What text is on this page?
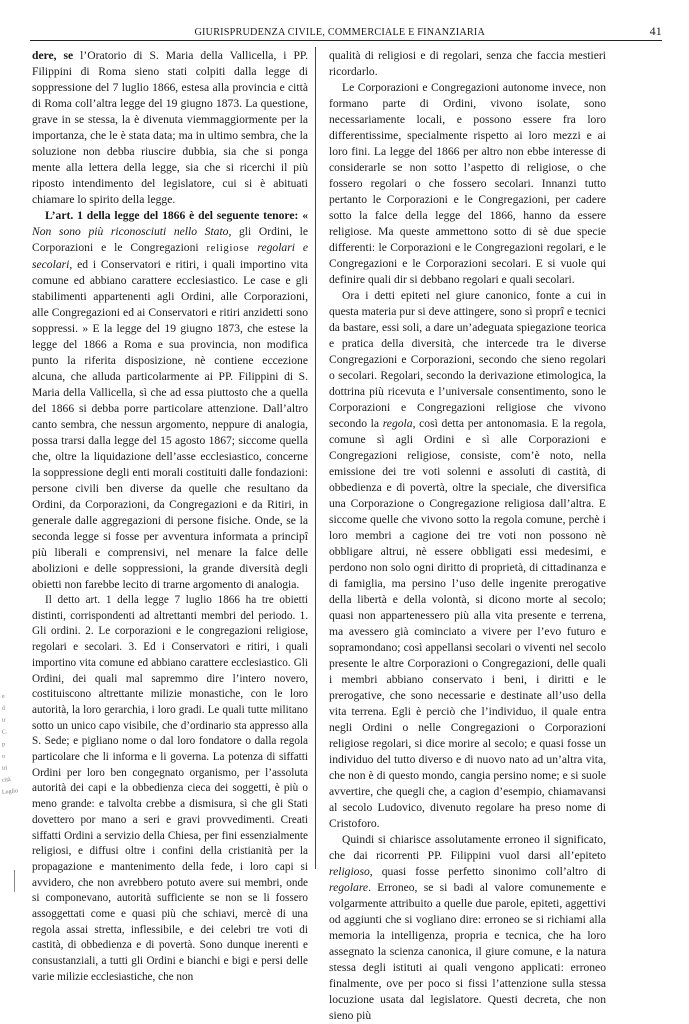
GIURISPRUDENZA CIVILE, COMMERCIALE E FINANZIARIA	41

dere, se l’Oratorio di S. Maria della Vallicella, i PP. Filippini di Roma sieno stati colpiti dalla legge di soppressione del 7 luglio 1866, estesa alla provincia e città di Roma coll’altra legge del 19 giugno 1873. La questione, grave in se stessa, la è divenuta viemmaggiormente per la importanza, che le è stata data; ma in ultimo sembra, che la soluzione non debba riuscire dubbia, sia che si ponga mente alla lettera della legge, sia che si ricerchi il più riposto intendimento del legislatore, cui si è abituati chiamare lo spirito della legge.

L’art. 1 della legge del 1866 è del seguente tenore: « Non sono più riconosciuti nello Stato, gli Ordini, le Corporazioni e le Congregazioni religiose regolari e secolari, ed i Conservatori e ritiri, i quali importino vita comune ed abbiano carattere ecclesiastico. Le case e gli stabilimenti appartenenti agli Ordini, alle Corporazioni, alle Congregazioni ed ai Conservatori e ritiri anzidetti sono soppressi. » E la legge del 19 giugno 1873, che estese la legge del 1866 a Roma e sua provincia, non modifica punto la riferita disposizione, nè contiene eccezione alcuna, che alluda particolarmente ai PP. Filippini di S. Maria della Vallicella, sì che ad essa piuttosto che a quella del 1866 si debba porre particolare attenzione. Dall’altro canto sembra, che nessun argomento, neppure di analogia, possa trarsi dalla legge del 15 agosto 1867; siccome quella che, oltre la liquidazione dell’asse ecclesiastico, concerne la soppressione degli enti morali costituiti dalle fondazioni: persone civili ben diverse da quelle che resultano da Ordini, da Corporazioni, da Congregazioni e da Ritiri, in generale dalle aggregazioni di persone fisiche. Onde, se la seconda legge si fosse per avventura informata a principî più liberali e comprensivi, nel menare la falce delle abolizioni e delle soppressioni, la grande diversità degli obietti non farebbe lecito di trarne argomento di analogia.

Il detto art. 1 della legge 7 luglio 1866 ha tre obietti distinti, corrispondenti ad altrettanti membri del periodo. 1. Gli ordini. 2. Le corporazioni e le congregazioni religiose, regolari e secolari. 3. Ed i Conservatori e ritiri, i quali importino vita comune ed abbiano carattere ecclesiastico. Gli Ordini, dei quali mal sapremmo dire l’intero novero, costituiscono altrettante milizie monastiche, con le loro autorità, la loro gerarchia, i loro gradi. Le quali tutte militano sotto un unico capo visibile, che d’ordinario sta appresso alla S. Sede; e pigliano nome o dal loro fondatore o dalla regola particolare che li informa e li governa. La potenza di siffatti Ordini per loro ben congegnato organismo, per l’assoluta autorità dei capi e la obbedienza cieca dei soggetti, è più o meno grande: e talvolta crebbe a dismisura, sì che gli Stati dovettero por mano a seri e gravi provvedimenti. Creati siffatti Ordini a servizio della Chiesa, per fini essenzialmente religiosi, e diffusi oltre i confini della cristianità per la propagazione e mantenimento della fede, i loro capi si avvidero, che non avrebbero potuto avere sui membri, onde si componevano, autorità sufficiente se non se li fossero assoggettati come e quasi più che schiavi, mercè di una regola assai stretta, inflessibile, e dei celebri tre voti di castità, di obbedienza e di povertà. Sono dunque inerenti e consustanziali, a tutti gli Ordini e bianchi e bigi e persi delle varie milizie ecclesiastiche, che non

qualità di religiosi e di regolari, senza che faccia mestieri ricordarlo.

Le Corporazioni e Congregazioni autonome invece, non formano parte di Ordini, vivono isolate, sono necessariamente locali, e possono essere fra loro differentissime, specialmente rispetto ai loro mezzi e ai loro fini. La legge del 1866 per altro non ebbe interesse di considerarle se non sotto l’aspetto di religiose, o che fossero regolari o che fossero secolari. Innanzi tutto pertanto le Corporazioni e le Congregazioni, per cadere sotto la falce della legge del 1866, hanno da essere religiose. Ma queste ammettono sotto di sè due specie differenti: le Corporazioni e le Congregazioni regolari, e le Congregazioni e le Corporazioni secolari. E si vuole qui definire quali dir si debbano regolari e quali secolari.

Ora i detti epiteti nel giure canonico, fonte a cui in questa materia pur si deve attingere, sono sì proprî e tecnici da bastare, essi soli, a dare un’adeguata spiegazione teorica e pratica della diversità, che intercede tra le diverse Congregazioni e Corporazioni, secondo che sieno regolari o secolari. Regolari, secondo la derivazione etimologica, la dottrina più ricevuta e l’universale consentimento, sono le Corporazioni e Congregazioni religiose che vivono secondo la regola, così detta per antonomasia. E la regola, comune sì agli Ordini e sì alle Corporazioni e Congregazioni religiose, consiste, com’è noto, nella emissione dei tre voti solenni e assoluti di castità, di obbedienza e di povertà, oltre la speciale, che diversifica una Corporazione o Congregazione religiosa dall’altra. E siccome quelle che vivono sotto la regola comune, perchè i loro membri a cagione dei tre voti non possono nè obbligare altrui, nè essere obbligati essi medesimi, e perdono non solo ogni diritto di proprietà, di cittadinanza e di famiglia, ma persino l’uso delle ingenite prerogative della libertà e della volontà, si dicono morte al secolo; quasi non appartenessero più alla vita presente e terrena, ma avessero già cominciato a vivere per l’evo futuro e sopramondano; così appellansi secolari o viventi nel secolo presente le altre Corporazioni o Congregazioni, delle quali i membri abbiano conservato i beni, i diritti e le prerogative, che sono necessarie e destinate all’uso della vita terrena. Egli è perciò che l’individuo, il quale entra negli Ordini o nelle Congregazioni o Corporazioni religiose regolari, si dice morire al secolo; e quasi fosse un individuo del tutto diverso e di nuovo nato ad un’altra vita, che non è di questo mondo, cangia persino nome; e si suole avvertire, che quegli che, a cagion d’esempio, chiamavansi al secolo Ludovico, divenuto regolare ha preso nome di Cristoforo.

Quindi si chiarisce assolutamente erroneo il significato, che dai ricorrenti PP. Filippini vuol darsi all’epiteto religioso, quasi fosse perfetto sinonimo coll’altro di regolare. Erroneo, se si badi al valore comunemente e volgarmente attribuito a quelle due parole, epiteti, aggettivi od aggiunti che si vogliano dire: erroneo se si richiami alla memoria la intelligenza, propria e tecnica, che ha loro assegnato la scienza canonica, il giure comune, e la natura stessa degli istituti ai quali vengono applicati: erroneo finalmente, ove per poco si fissi l’attenzione sulla stessa locuzione usata dal legislatore. Questi decreta, che non sieno più

e
d
ir
C.
p
u
iri
cità
Luglio
